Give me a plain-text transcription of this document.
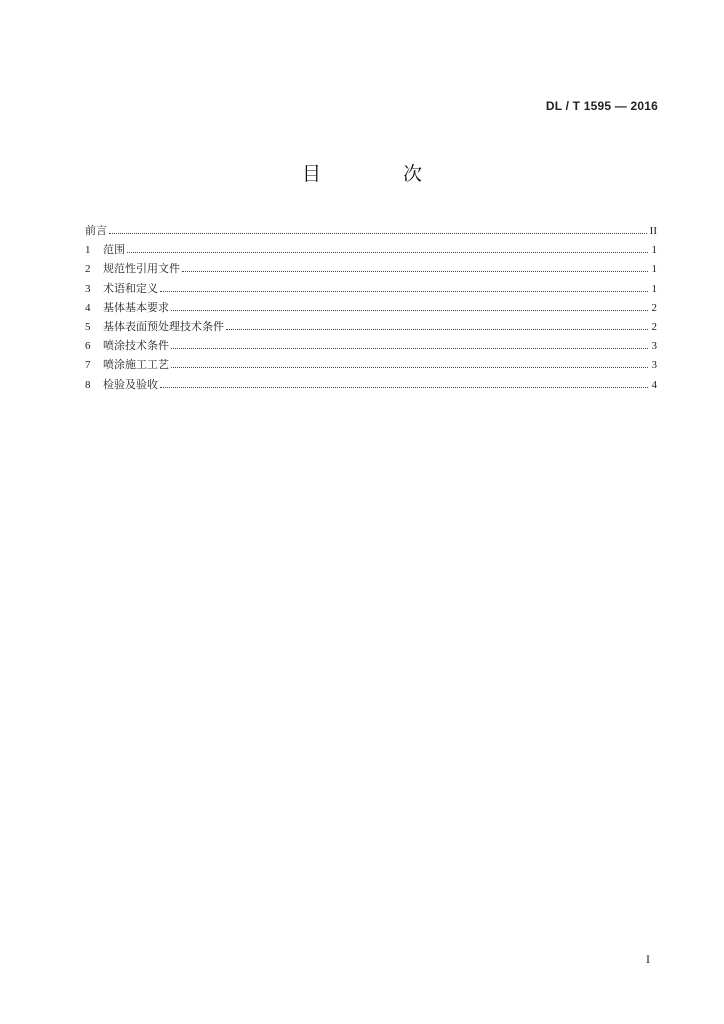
DL / T 1595 — 2016
目 次
前言	II
1	范围	1
2	规范性引用文件	1
3	术语和定义	1
4	基体基本要求	2
5	基体表面预处理技术条件	2
6	喷涂技术条件	3
7	喷涂施工工艺	3
8	检验及验收	4
I
